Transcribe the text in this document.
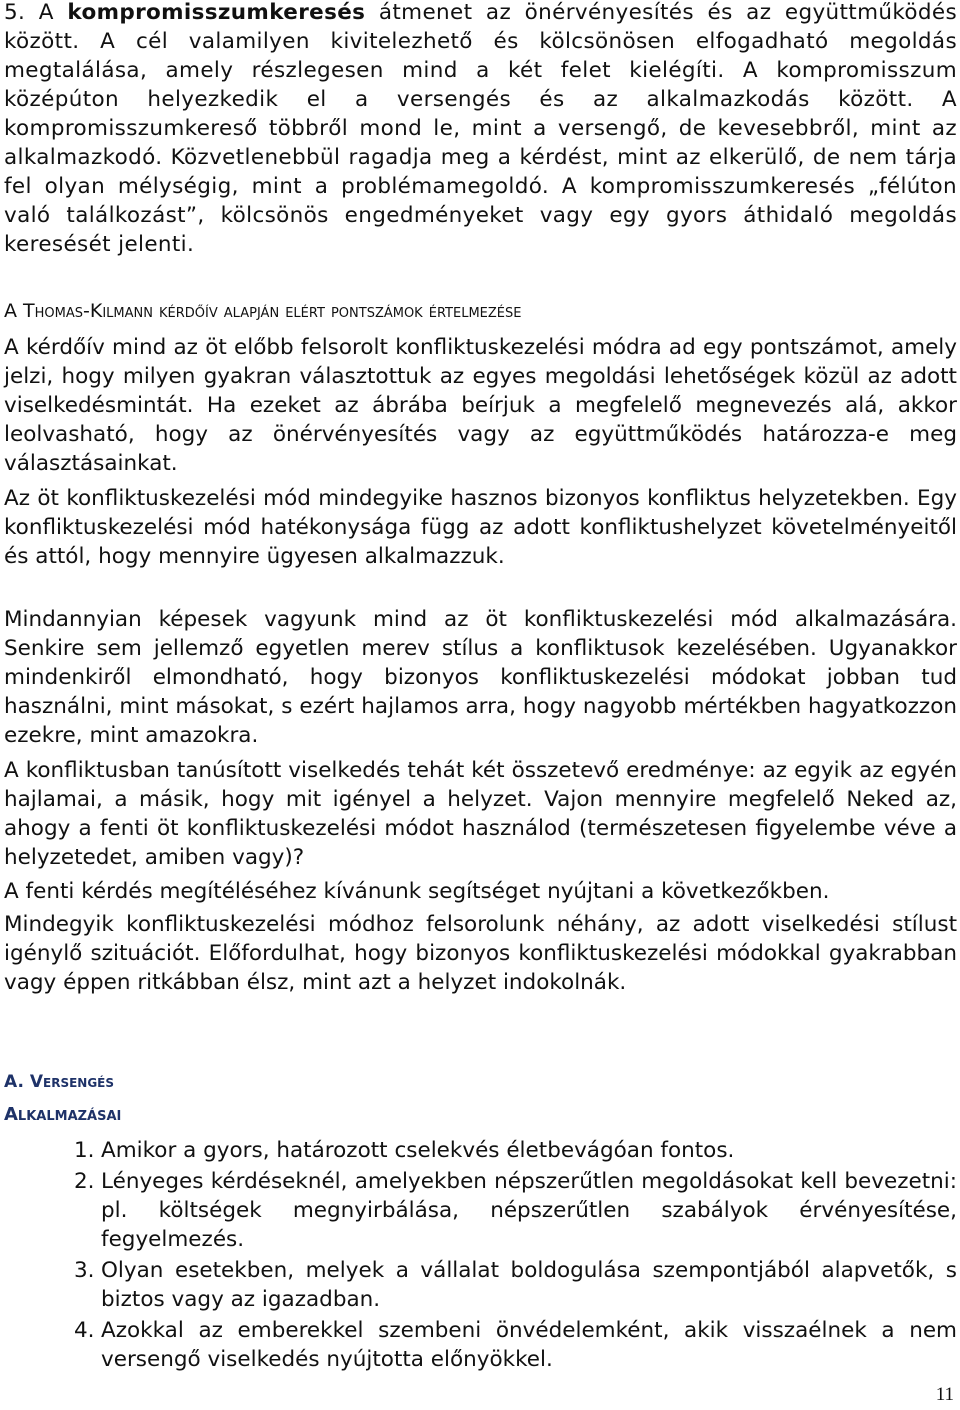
5. A kompromisszumkeresés átmenet az önérvényesítés és az együttműködés között. A cél valamilyen kivitelezhető és kölcsönösen elfogadható megoldás megtalálása, amely részlegesen mind a két felet kielégíti. A kompromisszum középúton helyezkedik el a versengés és az alkalmazkodás között. A kompromisszumkereső többről mond le, mint a versengő, de kevesebbről, mint az alkalmazkodó. Közvetlenebbül ragadja meg a kérdést, mint az elkerülő, de nem tárja fel olyan mélységig, mint a problémamegoldó. A kompromisszumkeresés „félúton való találkozást”, kölcsönös engedményeket vagy egy gyors áthidaló megoldás keresését jelenti.

A Thomas-Kilmann kérdőív alapján elért pontszámok értelmezése

A kérdőív mind az öt előbb felsorolt konfliktuskezelési módra ad egy pontszámot, amely jelzi, hogy milyen gyakran választottuk az egyes megoldási lehetőségek közül az adott viselkedésmintát. Ha ezeket az ábrába beírjuk a megfelelő megnevezés alá, akkor leolvasható, hogy az önérvényesítés vagy az együttműködés határozza-e meg választásainkat.

Az öt konfliktuskezelési mód mindegyike hasznos bizonyos konfliktus helyzetekben. Egy konfliktuskezelési mód hatékonysága függ az adott konfliktushelyzet követelményeitől és attól, hogy mennyire ügyesen alkalmazzuk.

Mindannyian képesek vagyunk mind az öt konfliktuskezelési mód alkalmazására. Senkire sem jellemző egyetlen merev stílus a konfliktusok kezelésében. Ugyanakkor mindenkiről elmondható, hogy bizonyos konfliktuskezelési módokat jobban tud használni, mint másokat, s ezért hajlamos arra, hogy nagyobb mértékben hagyatkozzon ezekre, mint amazokra.

A konfliktusban tanúsított viselkedés tehát két összetevő eredménye: az egyik az egyén hajlamai, a másik, hogy mit igényel a helyzet. Vajon mennyire megfelelő Neked az, ahogy a fenti öt konfliktuskezelési módot használod (természetesen figyelembe véve a helyzetedet, amiben vagy)?

A fenti kérdés megítéléséhez kívánunk segítséget nyújtani a következőkben.

Mindegyik konfliktuskezelési módhoz felsorolunk néhány, az adott viselkedési stílust igénylő szituációt. Előfordulhat, hogy bizonyos konfliktuskezelési módokkal gyakrabban vagy éppen ritkábban élsz, mint azt a helyzet indokolnák.

A. Versengés

Alkalmazásai

1. Amikor a gyors, határozott cselekvés életbevágóan fontos.
2. Lényeges kérdéseknél, amelyekben népszerűtlen megoldásokat kell bevezetni: pl. költségek megnyirbálása, népszerűtlen szabályok érvényesítése, fegyelmezés.
3. Olyan esetekben, melyek a vállalat boldogulása szempontjából alapvetők, s biztos vagy az igazadban.
4. Azokkal az emberekkel szembeni önvédelemként, akik visszaélnek a nem versengő viselkedés nyújtotta előnyökkel.

11
